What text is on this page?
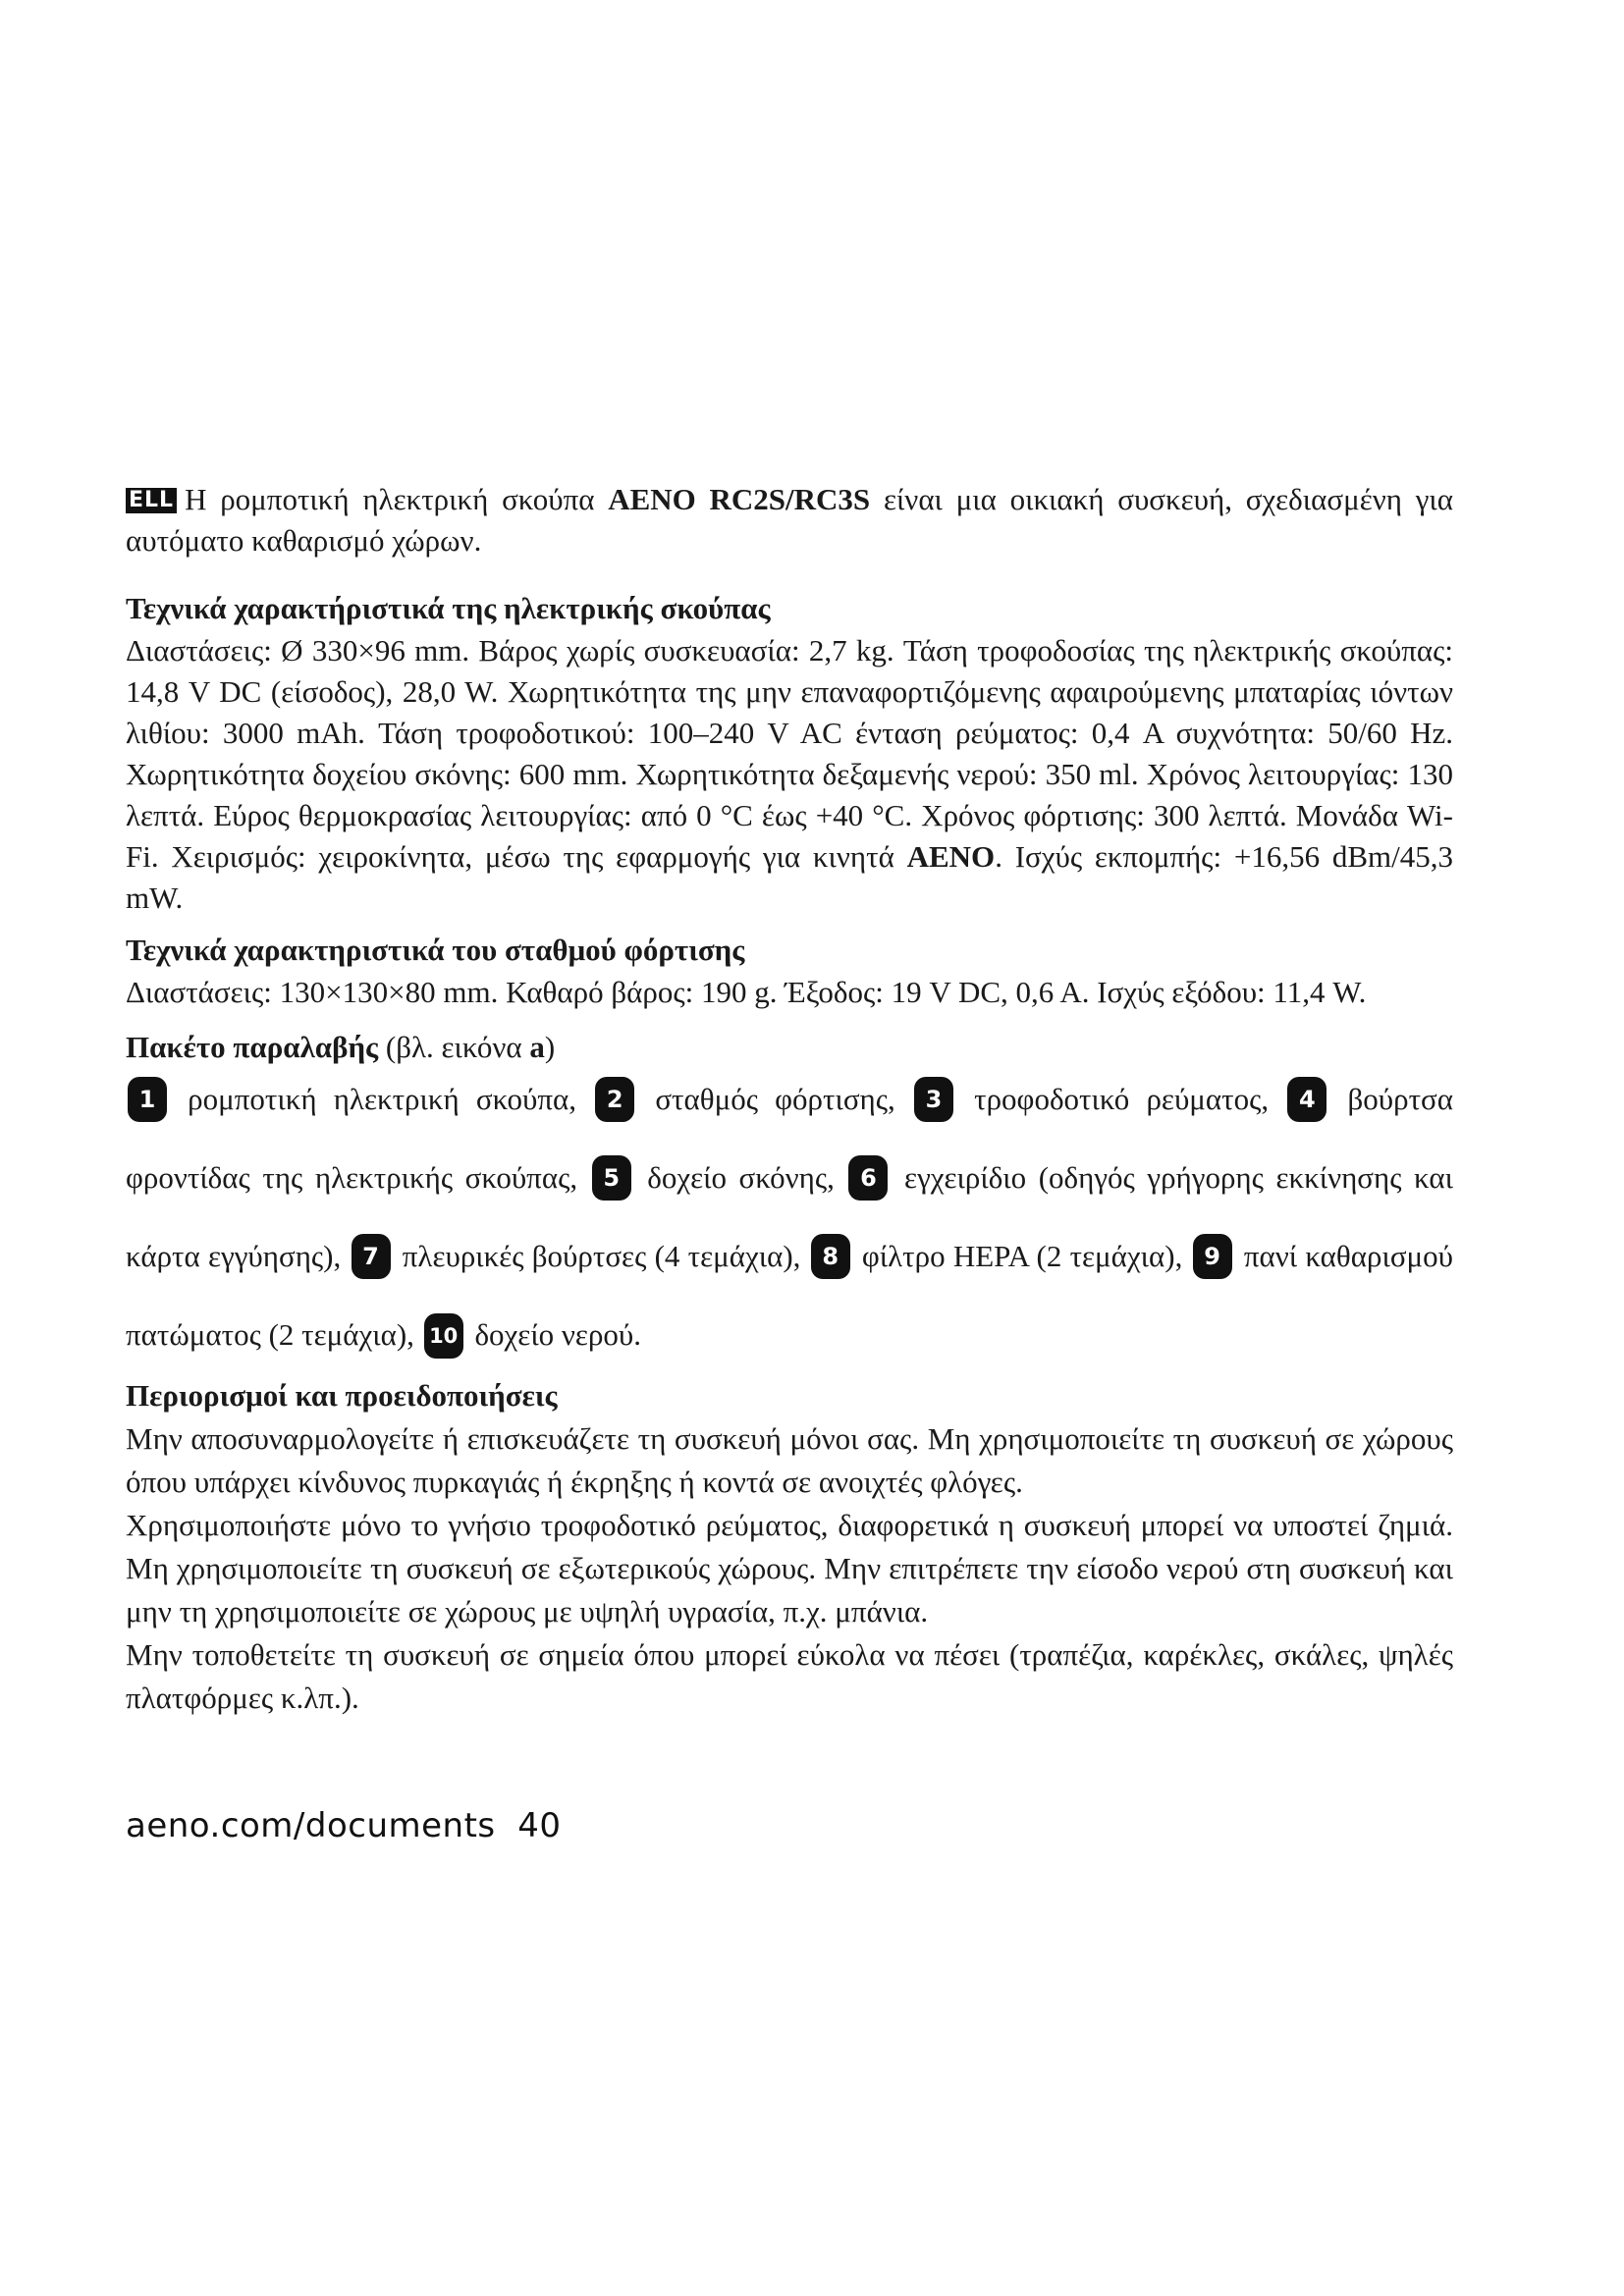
ELL Η ρομποτική ηλεκτρική σκούπα AENO RC2S/RC3S είναι μια οικιακή συσκευή, σχεδιασμένη για αυτόματο καθαρισμό χώρων.

Τεχνικά χαρακτήριστικά της ηλεκτρικής σκούπας

Διαστάσεις: Ø 330×96 mm. Βάρος χωρίς συσκευασία: 2,7 kg. Τάση τροφοδοσίας της ηλεκτρικής σκούπας: 14,8 V DC (είσοδος), 28,0 W. Χωρητικότητα της μην επαναφορτιζόμενης αφαιρούμενης μπαταρίας ιόντων λιθίου: 3000 mAh. Τάση τροφοδοτικού: 100–240 V AC ένταση ρεύματος: 0,4 A συχνότητα: 50/60 Hz. Χωρητικότητα δοχείου σκόνης: 600 mm. Χωρητικότητα δεξαμενής νερού: 350 ml. Χρόνος λειτουργίας: 130 λεπτά. Εύρος θερμοκρασίας λειτουργίας: από 0 °C έως +40 °C. Χρόνος φόρτισης: 300 λεπτά. Μονάδα Wi-Fi. Χειρισμός: χειροκίνητα, μέσω της εφαρμογής για κινητά AENO. Ισχύς εκπομπής: +16,56 dBm/45,3 mW.

Τεχνικά χαρακτηριστικά του σταθμού φόρτισης

Διαστάσεις: 130×130×80 mm. Καθαρό βάρος: 190 g. Έξοδος: 19 V DC, 0,6 A. Ισχύς εξόδου: 11,4 W.

Πακέτο παραλαβής (βλ. εικόνα a)

1 ρομποτική ηλεκτρική σκούπα, 2 σταθμός φόρτισης, 3 τροφοδοτικό ρεύματος, 4 βούρτσα φροντίδας της ηλεκτρικής σκούπας, 5 δοχείο σκόνης, 6 εγχειρίδιο (οδηγός γρήγορης εκκίνησης και κάρτα εγγύησης), 7 πλευρικές βούρτσες (4 τεμάχια), 8 φίλτρο HEPA (2 τεμάχια), 9 πανί καθαρισμού πατώματος (2 τεμάχια), 10 δοχείο νερού.

Περιορισμοί και προειδοποιήσεις

Μην αποσυναρμολογείτε ή επισκευάζετε τη συσκευή μόνοι σας. Μη χρησιμοποιείτε τη συσκευή σε χώρους όπου υπάρχει κίνδυνος πυρκαγιάς ή έκρηξης ή κοντά σε ανοιχτές φλόγες.

Χρησιμοποιήστε μόνο το γνήσιο τροφοδοτικό ρεύματος, διαφορετικά η συσκευή μπορεί να υποστεί ζημιά. Μη χρησιμοποιείτε τη συσκευή σε εξωτερικούς χώρους. Μην επιτρέπετε την είσοδο νερού στη συσκευή και μην τη χρησιμοποιείτε σε χώρους με υψηλή υγρασία, π.χ. μπάνια.

Μην τοποθετείτε τη συσκευή σε σημεία όπου μπορεί εύκολα να πέσει (τραπέζια, καρέκλες, σκάλες, ψηλές πλατφόρμες κ.λπ.).

aeno.com/documents 40
